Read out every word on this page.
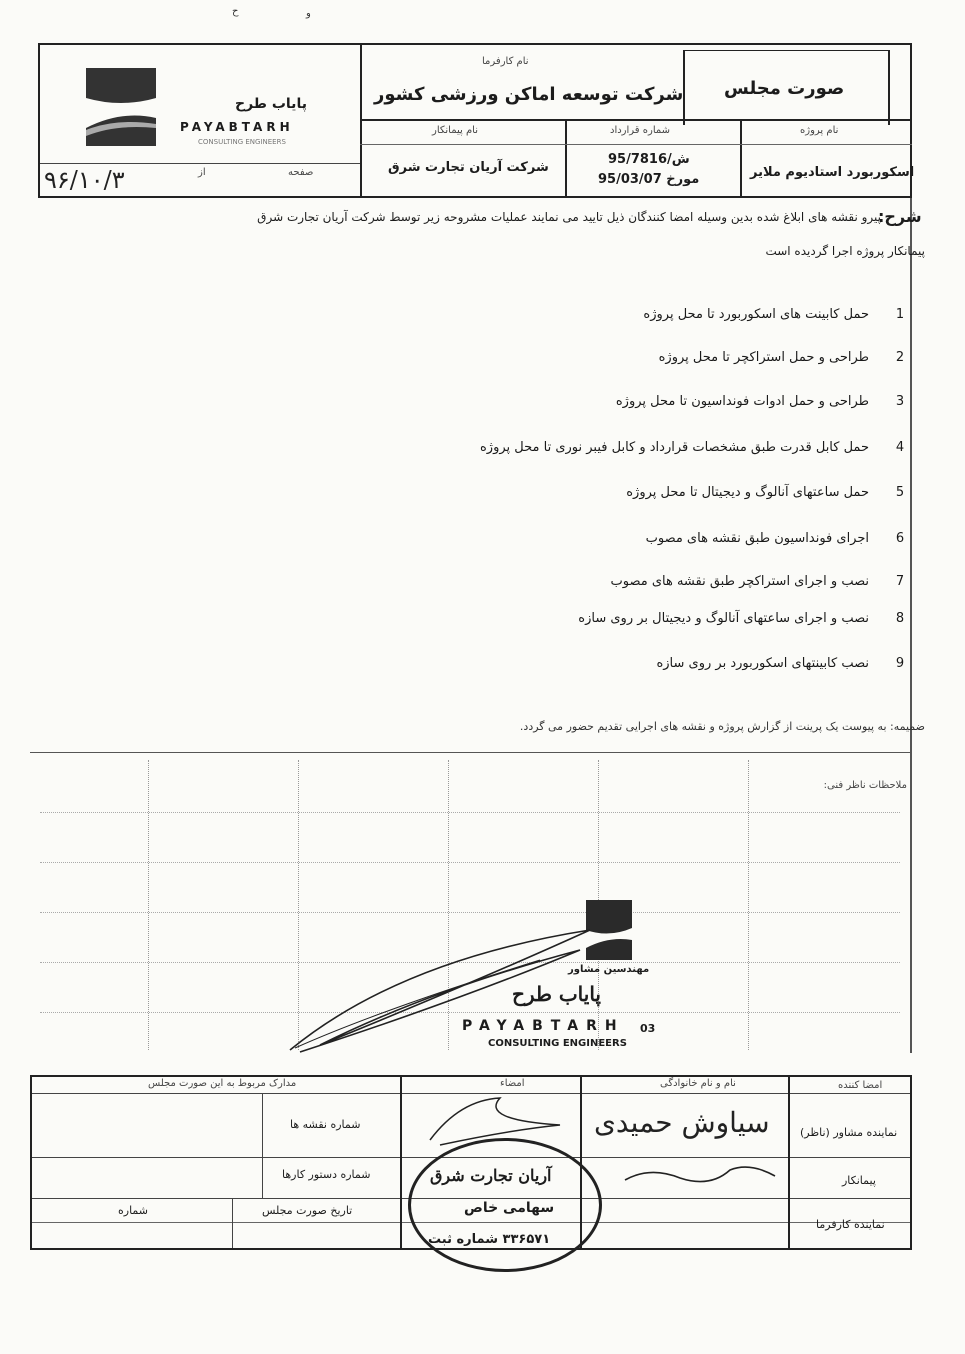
ح	و
پایاب طرح
PAYABTARH
CONSULTING ENGINEERS
نام کارفرما
شرکت توسعه اماکن ورزشی کشور صورت مجلس
نام پیمانکار
شرکت آریان تجارت شرق
شماره قرارداد
ش/95/7816
مورخ 95/03/07
نام پروژه
اسکوربورد استادیوم ملایر
صفحه
از
۹۶/۱۰/۳
شرح:
پیرو نقشه های ابلاغ شده بدین وسیله امضا کنندگان ذیل تایید می نمایند عملیات مشروحه زیر توسط شرکت آریان تجارت شرق
پیمانکار پروژه اجرا گردیده است
1حمل کابینت های اسکوربورد تا محل پروژه
2طراحی و حمل استراکچر تا محل پروژه
3طراحی و حمل ادوات فونداسیون تا محل پروژه
4حمل کابل قدرت طبق مشخصات قرارداد و کابل فیبر نوری تا محل پروژه
5حمل ساعتهای آنالوگ و دیجیتال تا محل پروژه
6اجرای فونداسیون طبق نقشه های مصوب
7نصب و اجرای استراکچر طبق نقشه های مصوب
8نصب و اجرای ساعتهای آنالوگ و دیجیتال بر روی سازه
9نصب کابینتهای اسکوربورد بر روی سازه
ضمیمه: به پیوست یک پرینت از گزارش پروژه و نقشه های اجرایی تقدیم حضور می گردد.
ملاحظات ناظر فنی:
مهندسین مشاور
پایاب طرح
PAYABTARH 03
CONSULTING ENGINEERS
امضا کننده
نام و نام خانوادگی
امضاء
مدارک مربوط به این صورت مجلس
نماینده مشاور (ناظر)
پیمانکار
نماینده کارفرما
شماره نقشه ها
شماره دستور کارها
تاریخ صورت مجلس
شماره
سیاوش حمیدی
آریان تجارت شرق
سهامی خاص
۳۳۶۵۷۱ شماره ثبت
